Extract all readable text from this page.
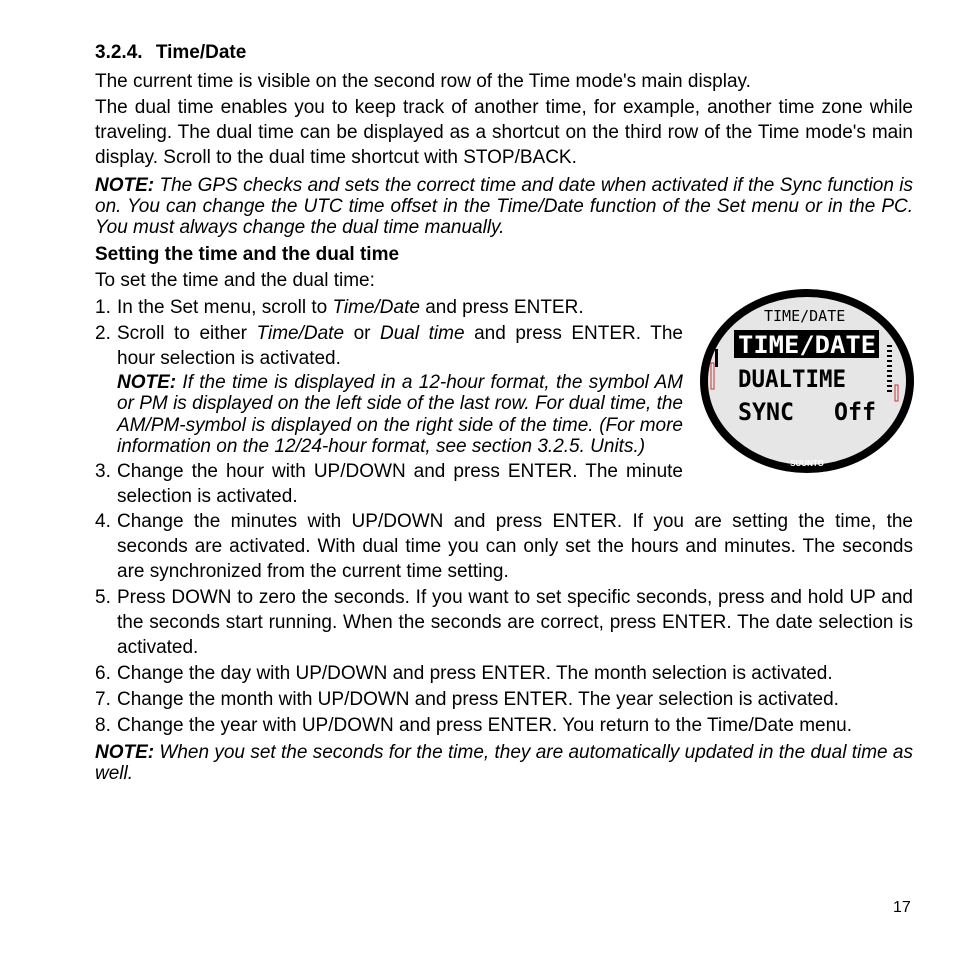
3.2.4. Time/Date

The current time is visible on the second row of the Time mode's main display.

The dual time enables you to keep track of another time, for example, another time zone while traveling. The dual time can be displayed as a shortcut on the third row of the Time mode's main display. Scroll to the dual time shortcut with STOP/BACK.

NOTE: The GPS checks and sets the correct time and date when activated if the Sync function is on. You can change the UTC time offset in the Time/Date function of the Set menu or in the PC. You must always change the dual time manually.
Setting the time and the dual time

To set the time and the dual time:

1. In the Set menu, scroll to Time/Date and press ENTER.
2. Scroll to either Time/Date or Dual time and press ENTER. The hour selection is activated.
NOTE: If the time is displayed in a 12-hour format, the symbol AM or PM is displayed on the left side of the last row. For dual time, the AM/PM-symbol is displayed on the right side of the time. (For more information on the 12/24-hour format, see section 3.2.5. Units.)
3. Change the hour with UP/DOWN and press ENTER. The minute selection is activated.
4. Change the minutes with UP/DOWN and press ENTER. If you are setting the time, the seconds are activated. With dual time you can only set the hours and minutes. The seconds are synchronized from the current time setting.
5. Press DOWN to zero the seconds. If you want to set specific seconds, press and hold UP and the seconds start running. When the seconds are correct, press ENTER. The date selection is activated.
6. Change the day with UP/DOWN and press ENTER. The month selection is activated.
7. Change the month with UP/DOWN and press ENTER. The year selection is activated.
8. Change the year with UP/DOWN and press ENTER. You return to the Time/Date menu.
NOTE: When you set the seconds for the time, they are automatically updated in the dual time as well.
TIME/DATE
TIME/DATE
DUALTIME
SYNC Off
SUUNTO
17
